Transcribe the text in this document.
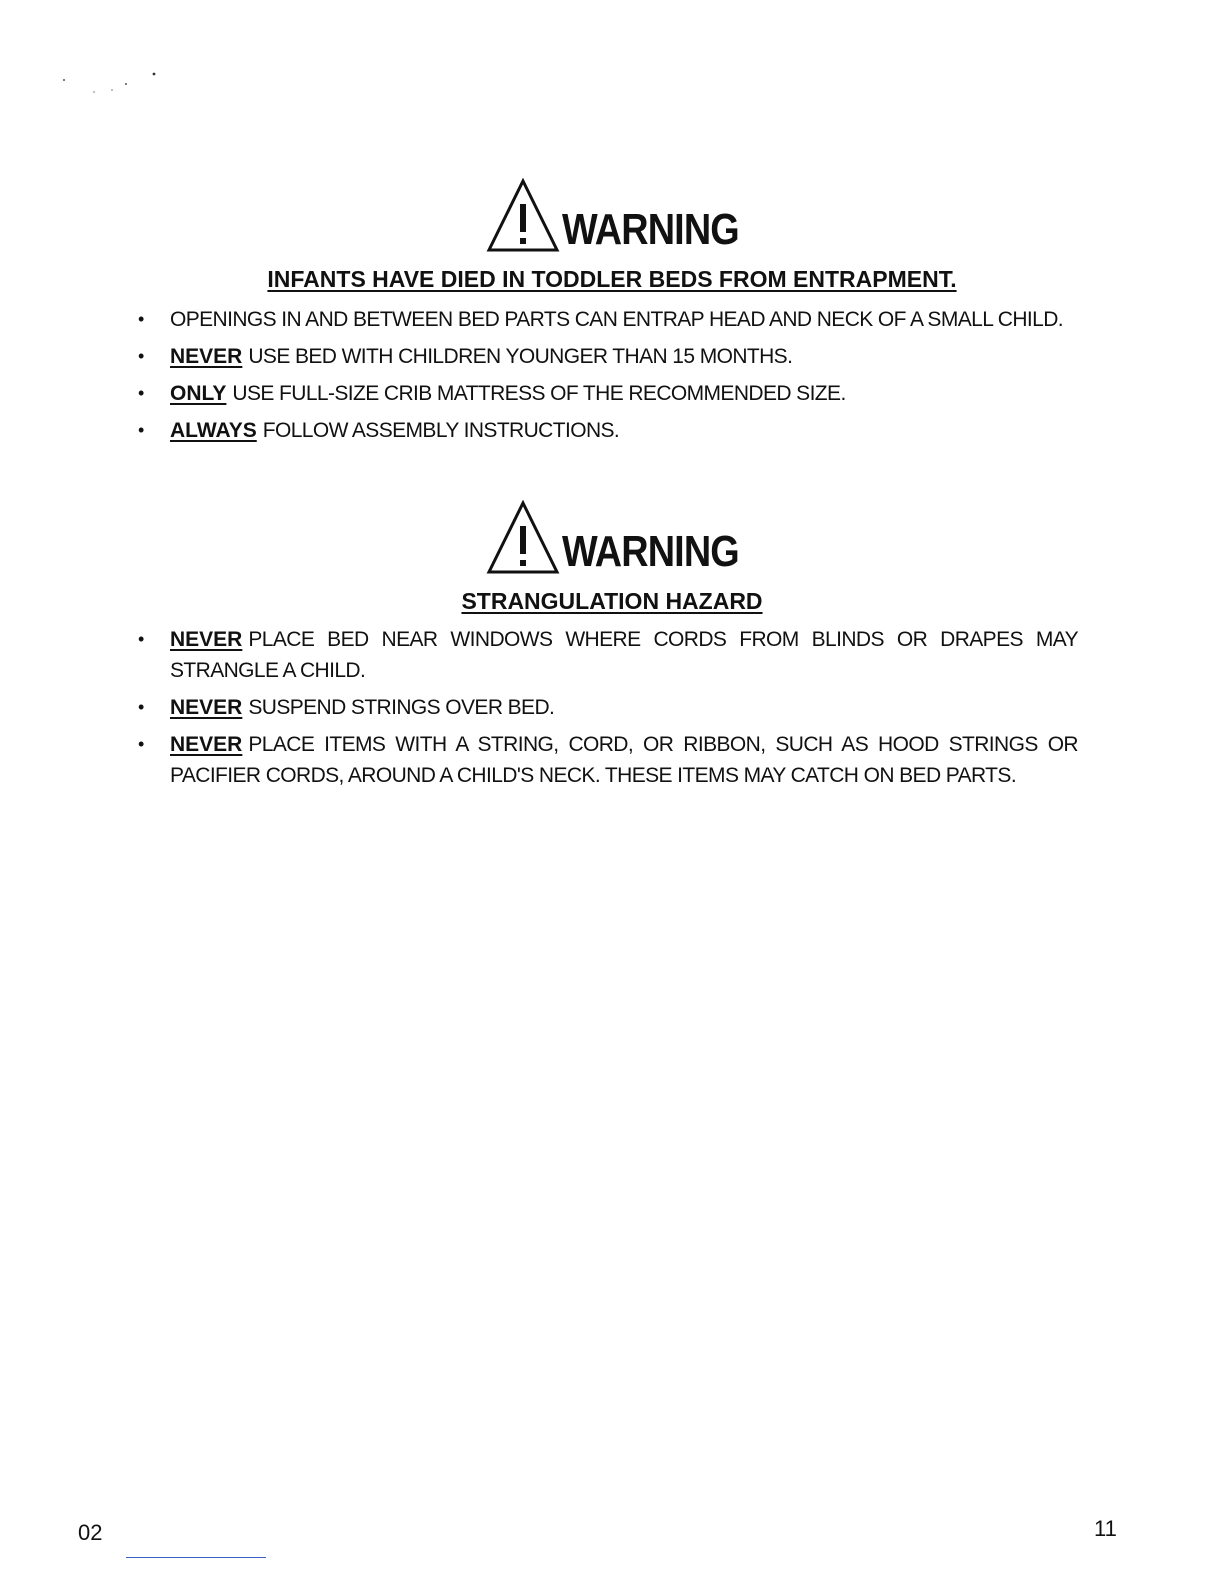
WARNING
INFANTS HAVE DIED IN TODDLER BEDS FROM ENTRAPMENT.
• OPENINGS IN AND BETWEEN BED PARTS CAN ENTRAP HEAD AND NECK OF A SMALL CHILD.
• NEVER USE BED WITH CHILDREN YOUNGER THAN 15 MONTHS.
• ONLY USE FULL-SIZE CRIB MATTRESS OF THE RECOMMENDED SIZE.
• ALWAYS FOLLOW ASSEMBLY INSTRUCTIONS.
WARNING
STRANGULATION HAZARD
• NEVER PLACE BED NEAR WINDOWS WHERE CORDS FROM BLINDS OR DRAPES MAY STRANGLE A CHILD.
• NEVER SUSPEND STRINGS OVER BED.
• NEVER PLACE ITEMS WITH A STRING, CORD, OR RIBBON, SUCH AS HOOD STRINGS OR PACIFIER CORDS, AROUND A CHILD'S NECK. THESE ITEMS MAY CATCH ON BED PARTS.
02	11
